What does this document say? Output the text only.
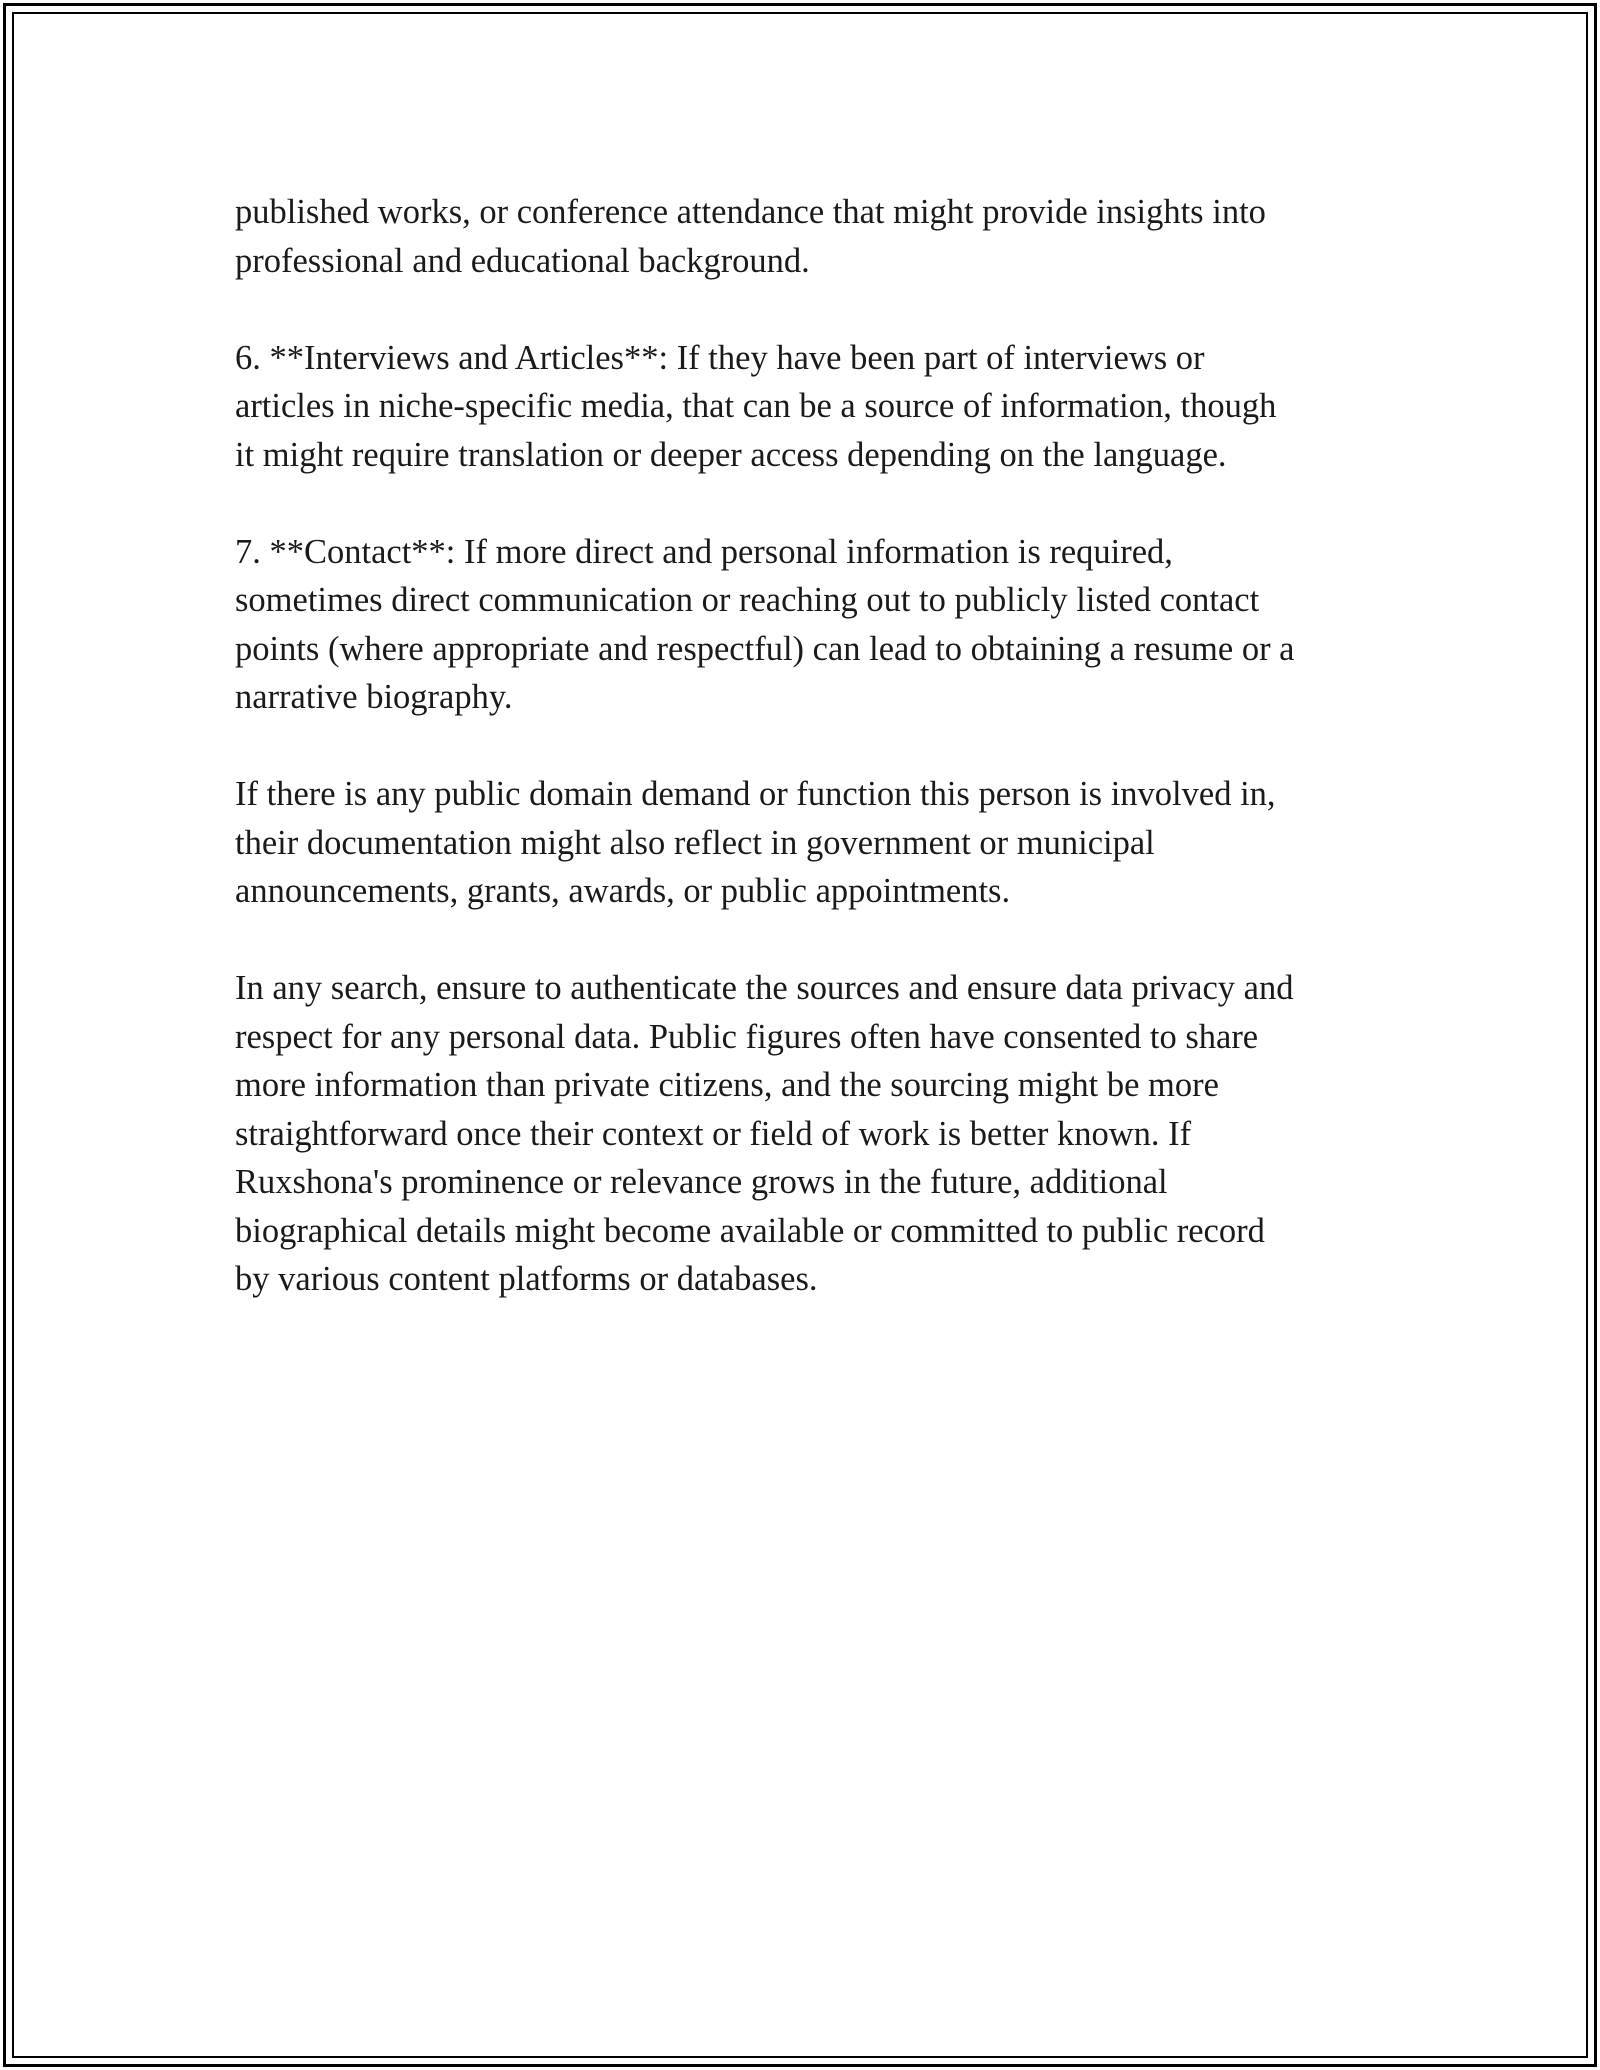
published works, or conference attendance that might provide insights into
professional and educational background.

6. **Interviews and Articles**: If they have been part of interviews or
articles in niche-specific media, that can be a source of information, though
it might require translation or deeper access depending on the language.

7. **Contact**: If more direct and personal information is required,
sometimes direct communication or reaching out to publicly listed contact
points (where appropriate and respectful) can lead to obtaining a resume or a
narrative biography.

If there is any public domain demand or function this person is involved in,
their documentation might also reflect in government or municipal
announcements, grants, awards, or public appointments.

In any search, ensure to authenticate the sources and ensure data privacy and
respect for any personal data. Public figures often have consented to share
more information than private citizens, and the sourcing might be more
straightforward once their context or field of work is better known. If
Ruxshona's prominence or relevance grows in the future, additional
biographical details might become available or committed to public record
by various content platforms or databases.
